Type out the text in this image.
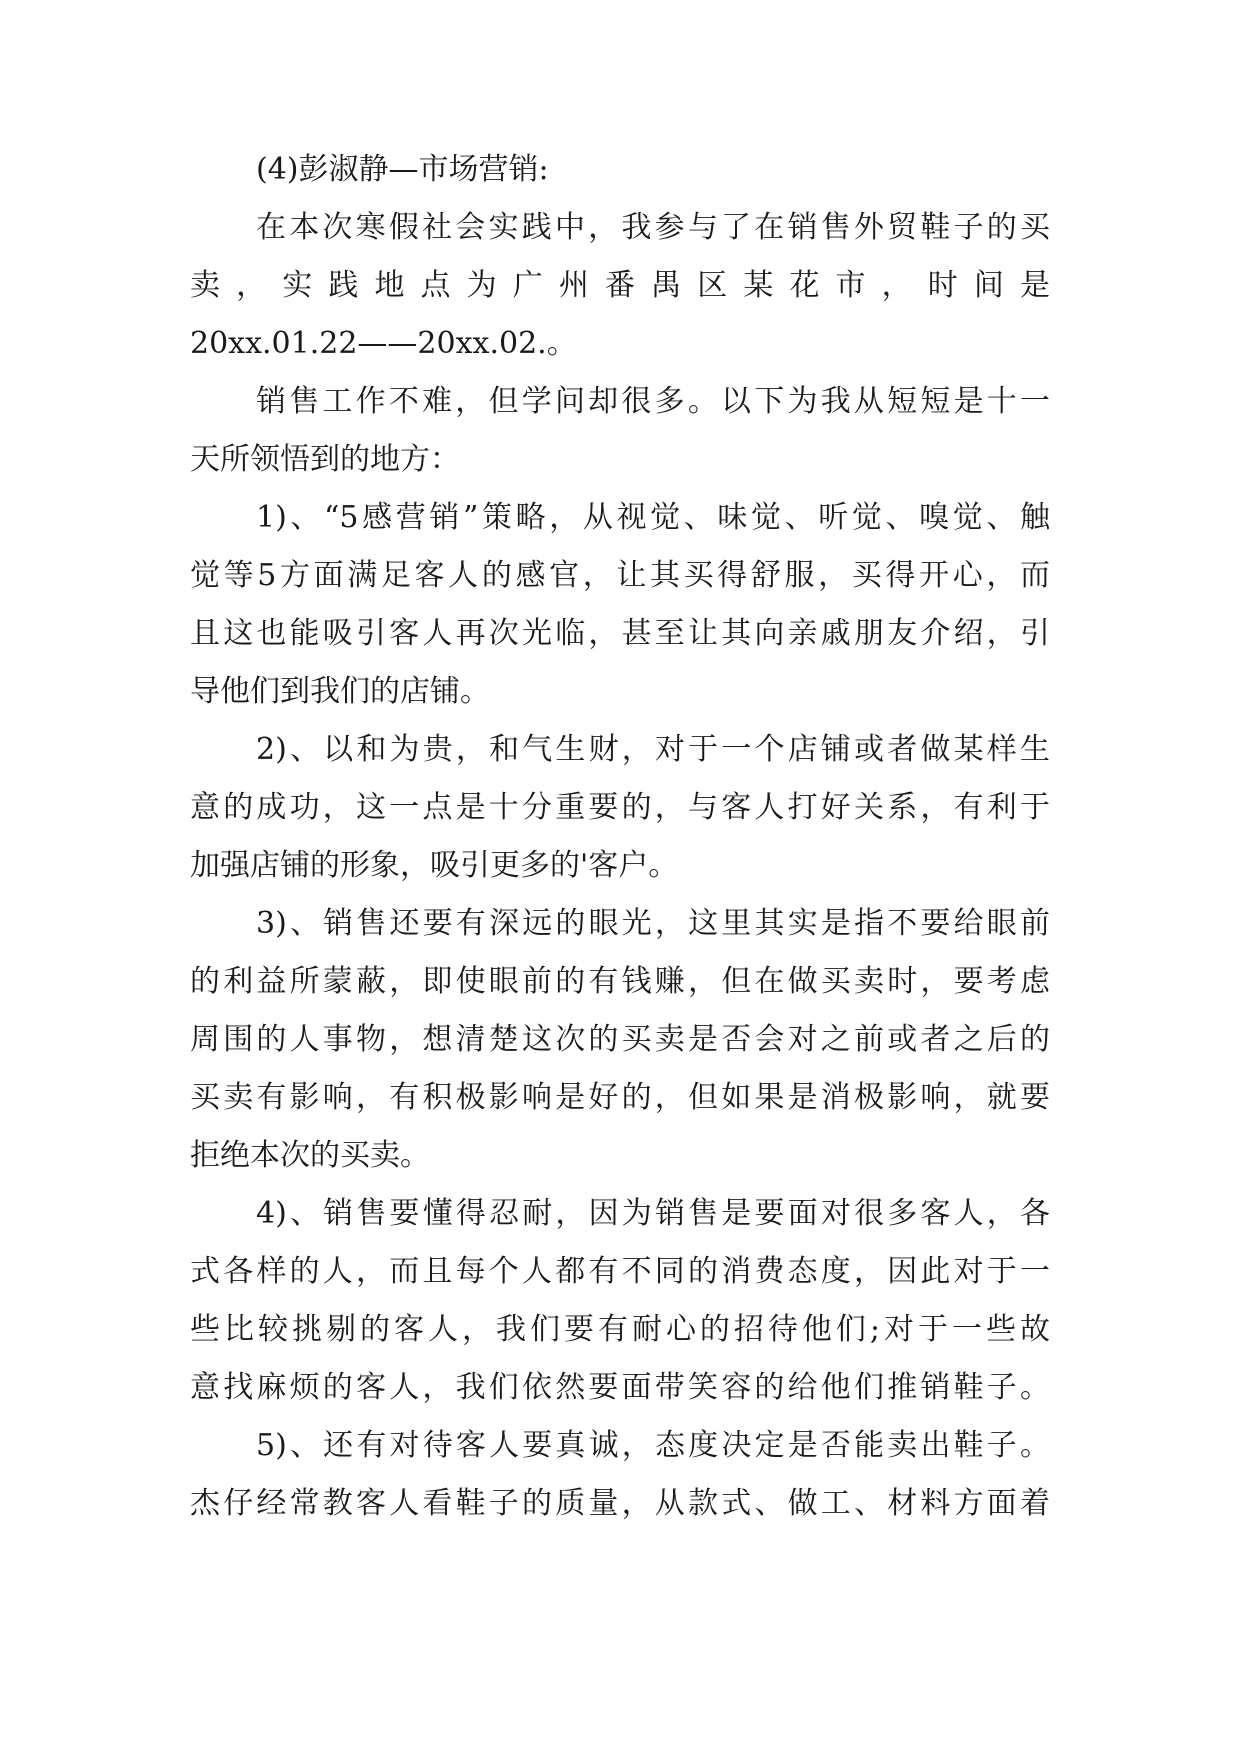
(4)彭淑静—市场营销:
在本次寒假社会实践中，我参与了在销售外贸鞋子的买
卖，实践地点为广州番禺区某花市，时间是
20xx.01.22——20xx.02.。
销售工作不难，但学问却很多。以下为我从短短是十一
天所领悟到的地方：
1)、“5感营销”策略，从视觉、味觉、听觉、嗅觉、触
觉等5方面满足客人的感官，让其买得舒服，买得开心，而
且这也能吸引客人再次光临，甚至让其向亲戚朋友介绍，引
导他们到我们的店铺。
2)、以和为贵，和气生财，对于一个店铺或者做某样生
意的成功，这一点是十分重要的，与客人打好关系，有利于
加强店铺的形象，吸引更多的'客户。
3)、销售还要有深远的眼光，这里其实是指不要给眼前
的利益所蒙蔽，即使眼前的有钱赚，但在做买卖时，要考虑
周围的人事物，想清楚这次的买卖是否会对之前或者之后的
买卖有影响，有积极影响是好的，但如果是消极影响，就要
拒绝本次的买卖。
4)、销售要懂得忍耐，因为销售是要面对很多客人，各
式各样的人，而且每个人都有不同的消费态度，因此对于一
些比较挑剔的客人，我们要有耐心的招待他们;对于一些故
意找麻烦的客人，我们依然要面带笑容的给他们推销鞋子。
5)、还有对待客人要真诚，态度决定是否能卖出鞋子。
杰仔经常教客人看鞋子的质量，从款式、做工、材料方面着
